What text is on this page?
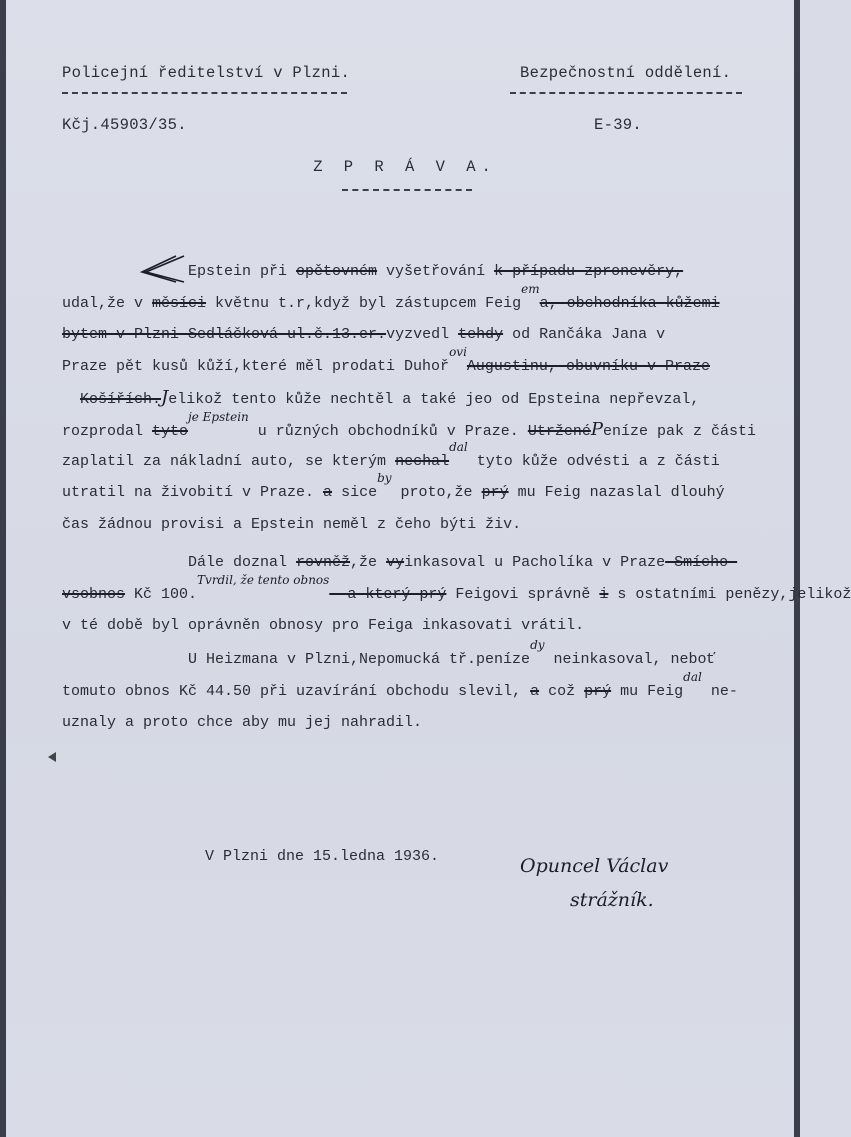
Policejní ředitelství v Plzni.	Bezpečnostní oddělení.
Kčj.45903/35.	E-39.
Z P R Á V A.
Epstein při opětovném vyšetřování k případu zpronevěry,
udal,že v měsíci květnu t.r,když byl zástupcem Feig$^{em}$a, obchodníka kůžemi
bytem v Plzni Sedláčková ul.č.13.er.vyzvedl tehdy od Rančáka Jana v
Praze pět kusů kůží,které měl prodati Duhoř$^{ovi}$Augustinu, obuvníku v Praze
Košířích.Jelikož tento kůže nechtěl a také jeo od Epsteina nepřevzal,
rozprodal tyto$^{je Epstein}$ u různých obchodníků v Praze. UtrženéPeníze pak z části
zaplatil za nákladní auto, se kterým nechal$^{dal}$ tyto kůže odvésti a z části
utratil na živobití v Praze. a sice$^{by}$ proto,že prý mu Feig nazaslal dlouhý
čas žádnou provisi a Epstein neměl z čeho býti živ.
Dále doznal rovněž,že vyinkasoval u Pacholíka v Praze-Smícho-
vsobnos Kč 100.$^{Tvrdil, že tento obnos}$- a který prý Feigovi správně i s ostatními penězy,jelikož
v té době byl oprávněn obnosy pro Feiga inkasovati vrátil.
U Heizmana v Plzni,Nepomucká tř.peníze$^{dy}$ neinkasoval, neboť
tomuto obnos Kč 44.50 při uzavírání obchodu slevil, a což prý mu Feig$^{dal}$ ne-
uznaly a proto chce aby mu jej nahradil.
V Plzni dne 15.ledna 1936.	Opuncel Václav
strážník.
